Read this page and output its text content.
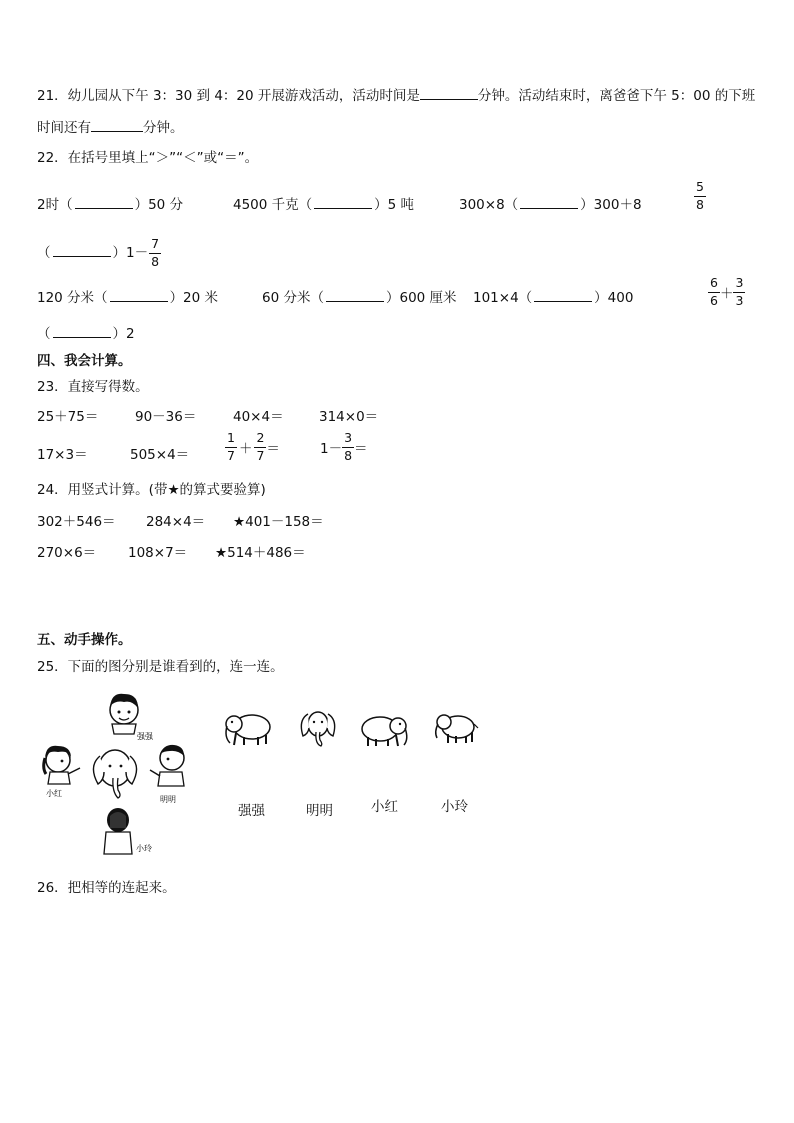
21．幼儿园从下午 3：30 到 4：20 开展游戏活动，活动时间是	分钟。活动结束时，离爸爸下午 5：00 的下班
时间还有	分钟。
22．在括号里填上“＞”“＜”或“＝”。
2时（	）50 分	4500 千克（	）5 吨	300×8（	）300＋8	$\frac{5}{8}$
（	）$1- \frac{7}{8}$
120 分米（	）20 米	60 分米（	）600 厘米 101×4（	）400	$\frac{6}{6} + \frac{3}{3}$
（	）2
四、我会计算。
23．直接写得数。
25＋75＝	90－36＝	40×4＝	314×0＝
17×3＝	505×4＝	$\frac{1}{7} + \frac{2}{7}$ ＝	$1- \frac{3}{8}$ ＝
24．用竖式计算。(带★的算式要验算)
302＋546＝ 284×4＝ ★401－158＝
270×6＝ 108×7＝ ★514＋486＝
五、动手操作。
25．下面的图分别是谁看到的，连一连。
强强
小红
明明
小玲
强强	明明	小红	小玲
26．把相等的连起来。
